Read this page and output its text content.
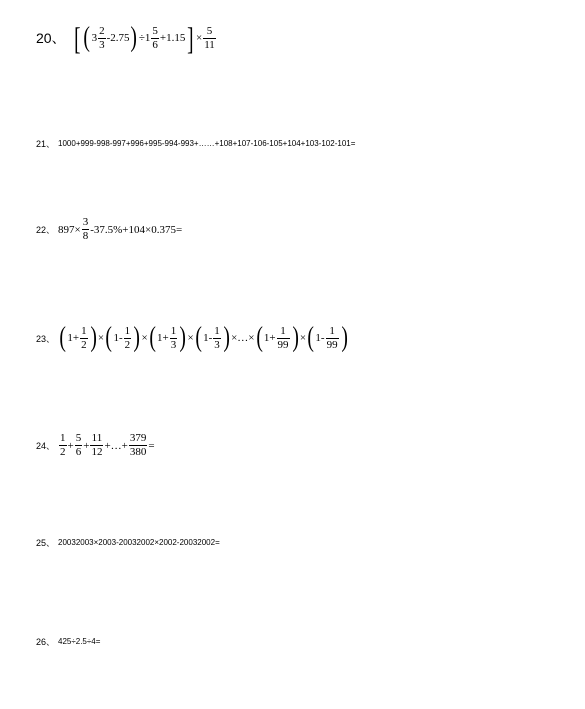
20、 [ ( $3 \frac{2}{3} -2.75$ ) ÷ $1 \frac{5}{6} +1.15$ ] × $\frac{5}{11}$
21、 1000+999-998-997+996+995-994-993+……+108+107-106-105+104+103-102-101=
22、 $897\times \frac{3}{8} -37.5\%+104\times 0.375=$
23、 ( $1+ \frac{1}{2}$ ) × ( $1- \frac{1}{2}$ ) × ( $1+ \frac{1}{3}$ ) × ( $1- \frac{1}{3}$ ) ×…× ( $1+ \frac{1}{99}$ ) × ( $1- \frac{1}{99}$ )
24、 $\frac{1}{2} + \frac{5}{6} + \frac{11}{12}$ +…+ $\frac{379}{380}$ =
25、 20032003×2003-20032002×2002-20032002=
26、 425÷2.5÷4=
